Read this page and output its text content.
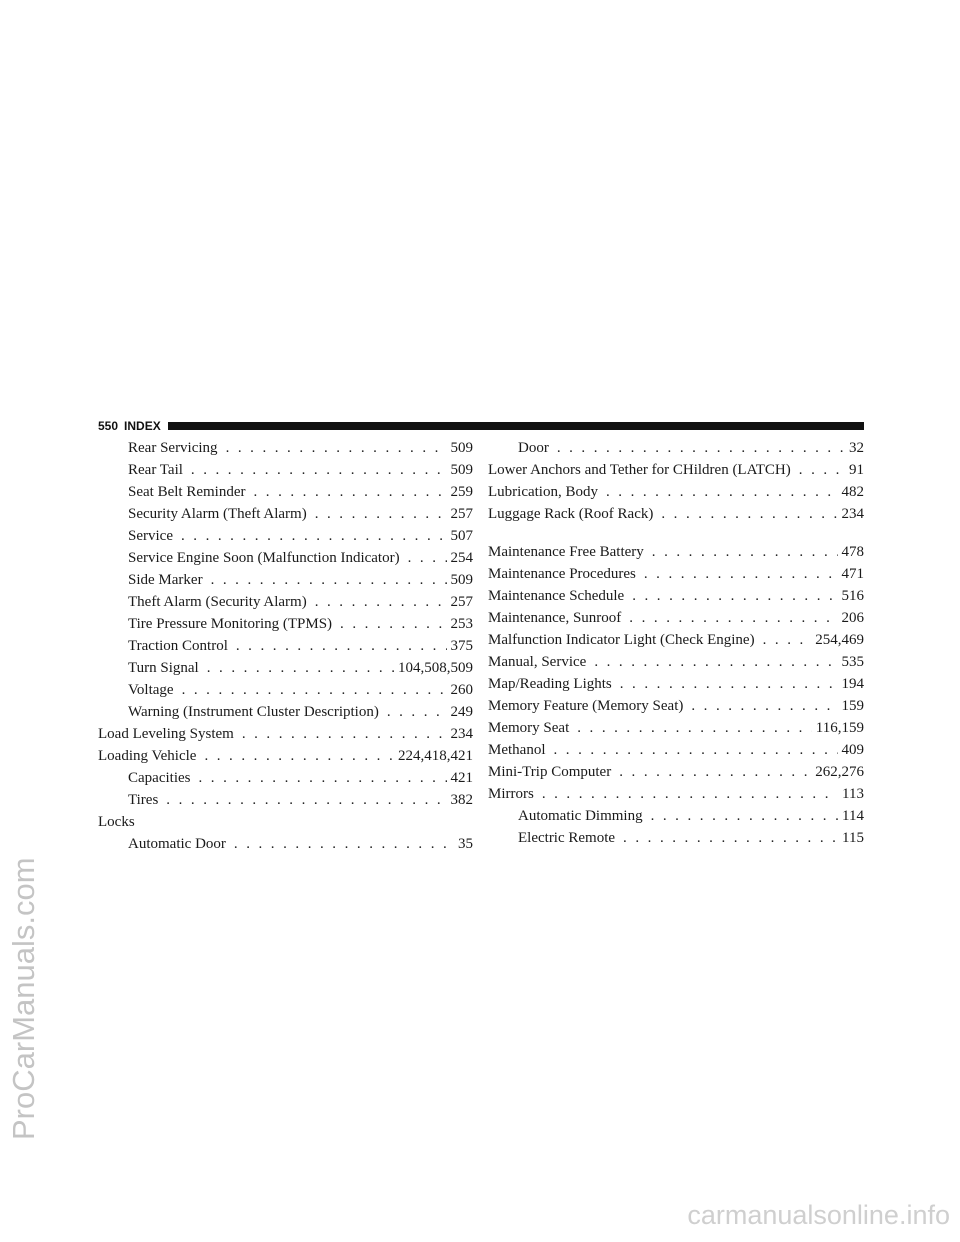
ProCarManuals.com
carmanualsonline.info
550 INDEX
Rear Servicing . . .	509
Rear Tail . . .	509
Seat Belt Reminder . . .	259
Security Alarm (Theft Alarm) . . .	257
Service . . .	507
Service Engine Soon (Malfunction Indicator) . . .	254
Side Marker . . .	509
Theft Alarm (Security Alarm) . . .	257
Tire Pressure Monitoring (TPMS) . . .	253
Traction Control . . .	375
Turn Signal . . .	104,508,509
Voltage . . .	260
Warning (Instrument Cluster Description) . . .	249
Load Leveling System . . .	234
Loading Vehicle . . .	224,418,421
Capacities . . .	421
Tires . . .	382
Locks
Automatic Door . . .	35
Door . . .	32
Lower Anchors and Tether for CHildren (LATCH) . . .	91
Lubrication, Body . . .	482
Luggage Rack (Roof Rack) . . .	234
Maintenance Free Battery . . .	478
Maintenance Procedures . . .	471
Maintenance Schedule . . .	516
Maintenance, Sunroof . . .	206
Malfunction Indicator Light (Check Engine) . . .	254,469
Manual, Service . . .	535
Map/Reading Lights . . .	194
Memory Feature (Memory Seat) . . .	159
Memory Seat . . .	116,159
Methanol . . .	409
Mini-Trip Computer . . .	262,276
Mirrors . . .	113
Automatic Dimming . . .	114
Electric Remote . . .	115
